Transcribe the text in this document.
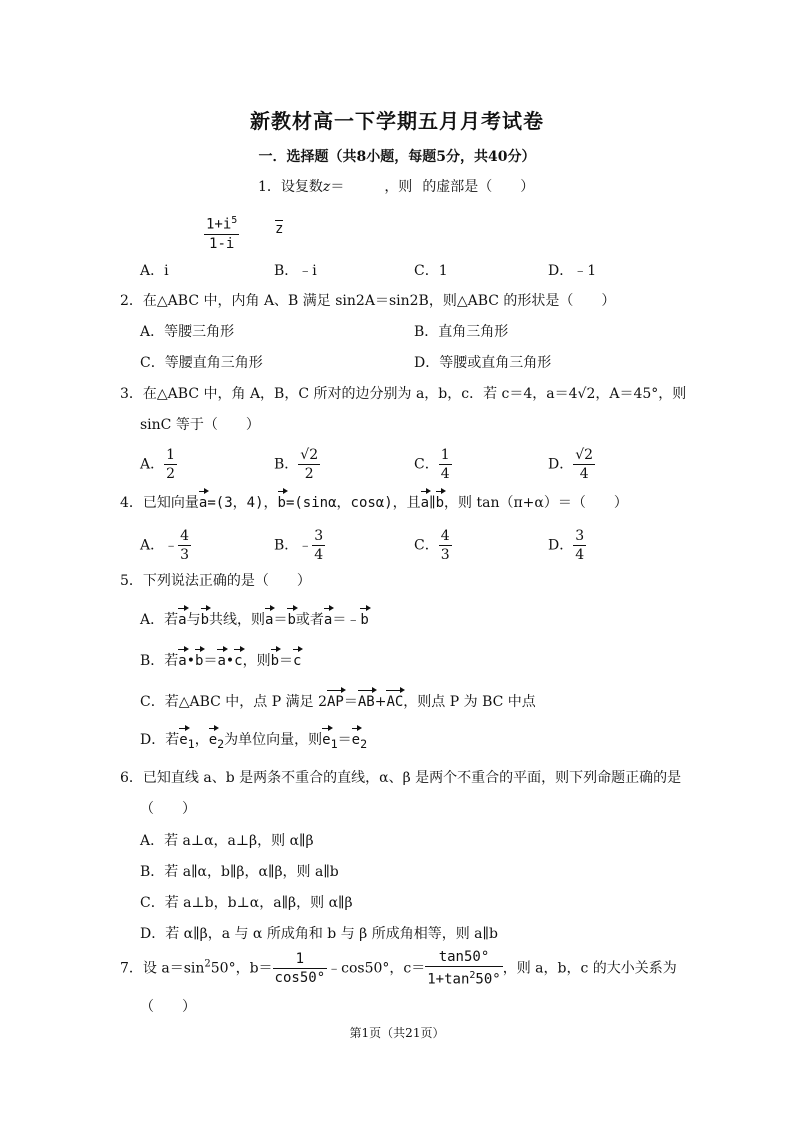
新教材高一下学期五月月考试卷
一．选择题（共8小题，每题5分，共40分）
1．设复数z＝	，则 的虚部是（　　）
$\frac{1+i^5}{1-i}$	z
A．i	B．﹣i	C．1	D．﹣1
2．在△ABC 中，内角 A、B 满足 sin2A＝sin2B，则△ABC 的形状是（　　）
A．等腰三角形	B．直角三角形
C．等腰直角三角形	D．等腰或直角三角形
3．在△ABC 中，角 A，B，C 所对的边分别为 a，b，c．若 c＝4，a＝4√2，A＝45°，则
sinC 等于（　　）
A． $\frac{1}{2}$	B． $\frac{√2}{2}$	C． $\frac{1}{4}$	D． $\frac{√2}{4}$
4．已知向量a=(3，4)，b=(sinα，cosα)，且a∥b，则 tan（π+α）＝（　　）
A．﹣ $\frac{4}{3}$	B．﹣ $\frac{3}{4}$	C． $\frac{4}{3}$	D． $\frac{3}{4}$
5．下列说法正确的是（　　）
A．若a与b共线，则a＝b或者a＝﹣b
B．若a•b＝a•c，则b＝c
C．若△ABC 中，点 P 满足 2AP＝AB+AC，则点 P 为 BC 中点
D．若$e_1$，$e_2$为单位向量，则$e_1=e_2$
6．已知直线 a、b 是两条不重合的直线，α、β 是两个不重合的平面，则下列命题正确的是
（　　）
A．若 a⊥α，a⊥β，则 α∥β
B．若 a∥α，b∥β，α∥β，则 a∥b
C．若 a⊥b，b⊥α，a∥β，则 α∥β
D．若 α∥β，a 与 α 所成角和 b 与 β 所成角相等，则 a∥b
7．设 $a=\sin^250^\circ$，$b= \frac{1}{\cos 50^\circ}$ ﹣cos50°，$c= \frac{\tan 50^\circ}{1+\tan^250^\circ}$ ，则 a，b，c 的大小关系为
（　　）
第1页（共21页）
